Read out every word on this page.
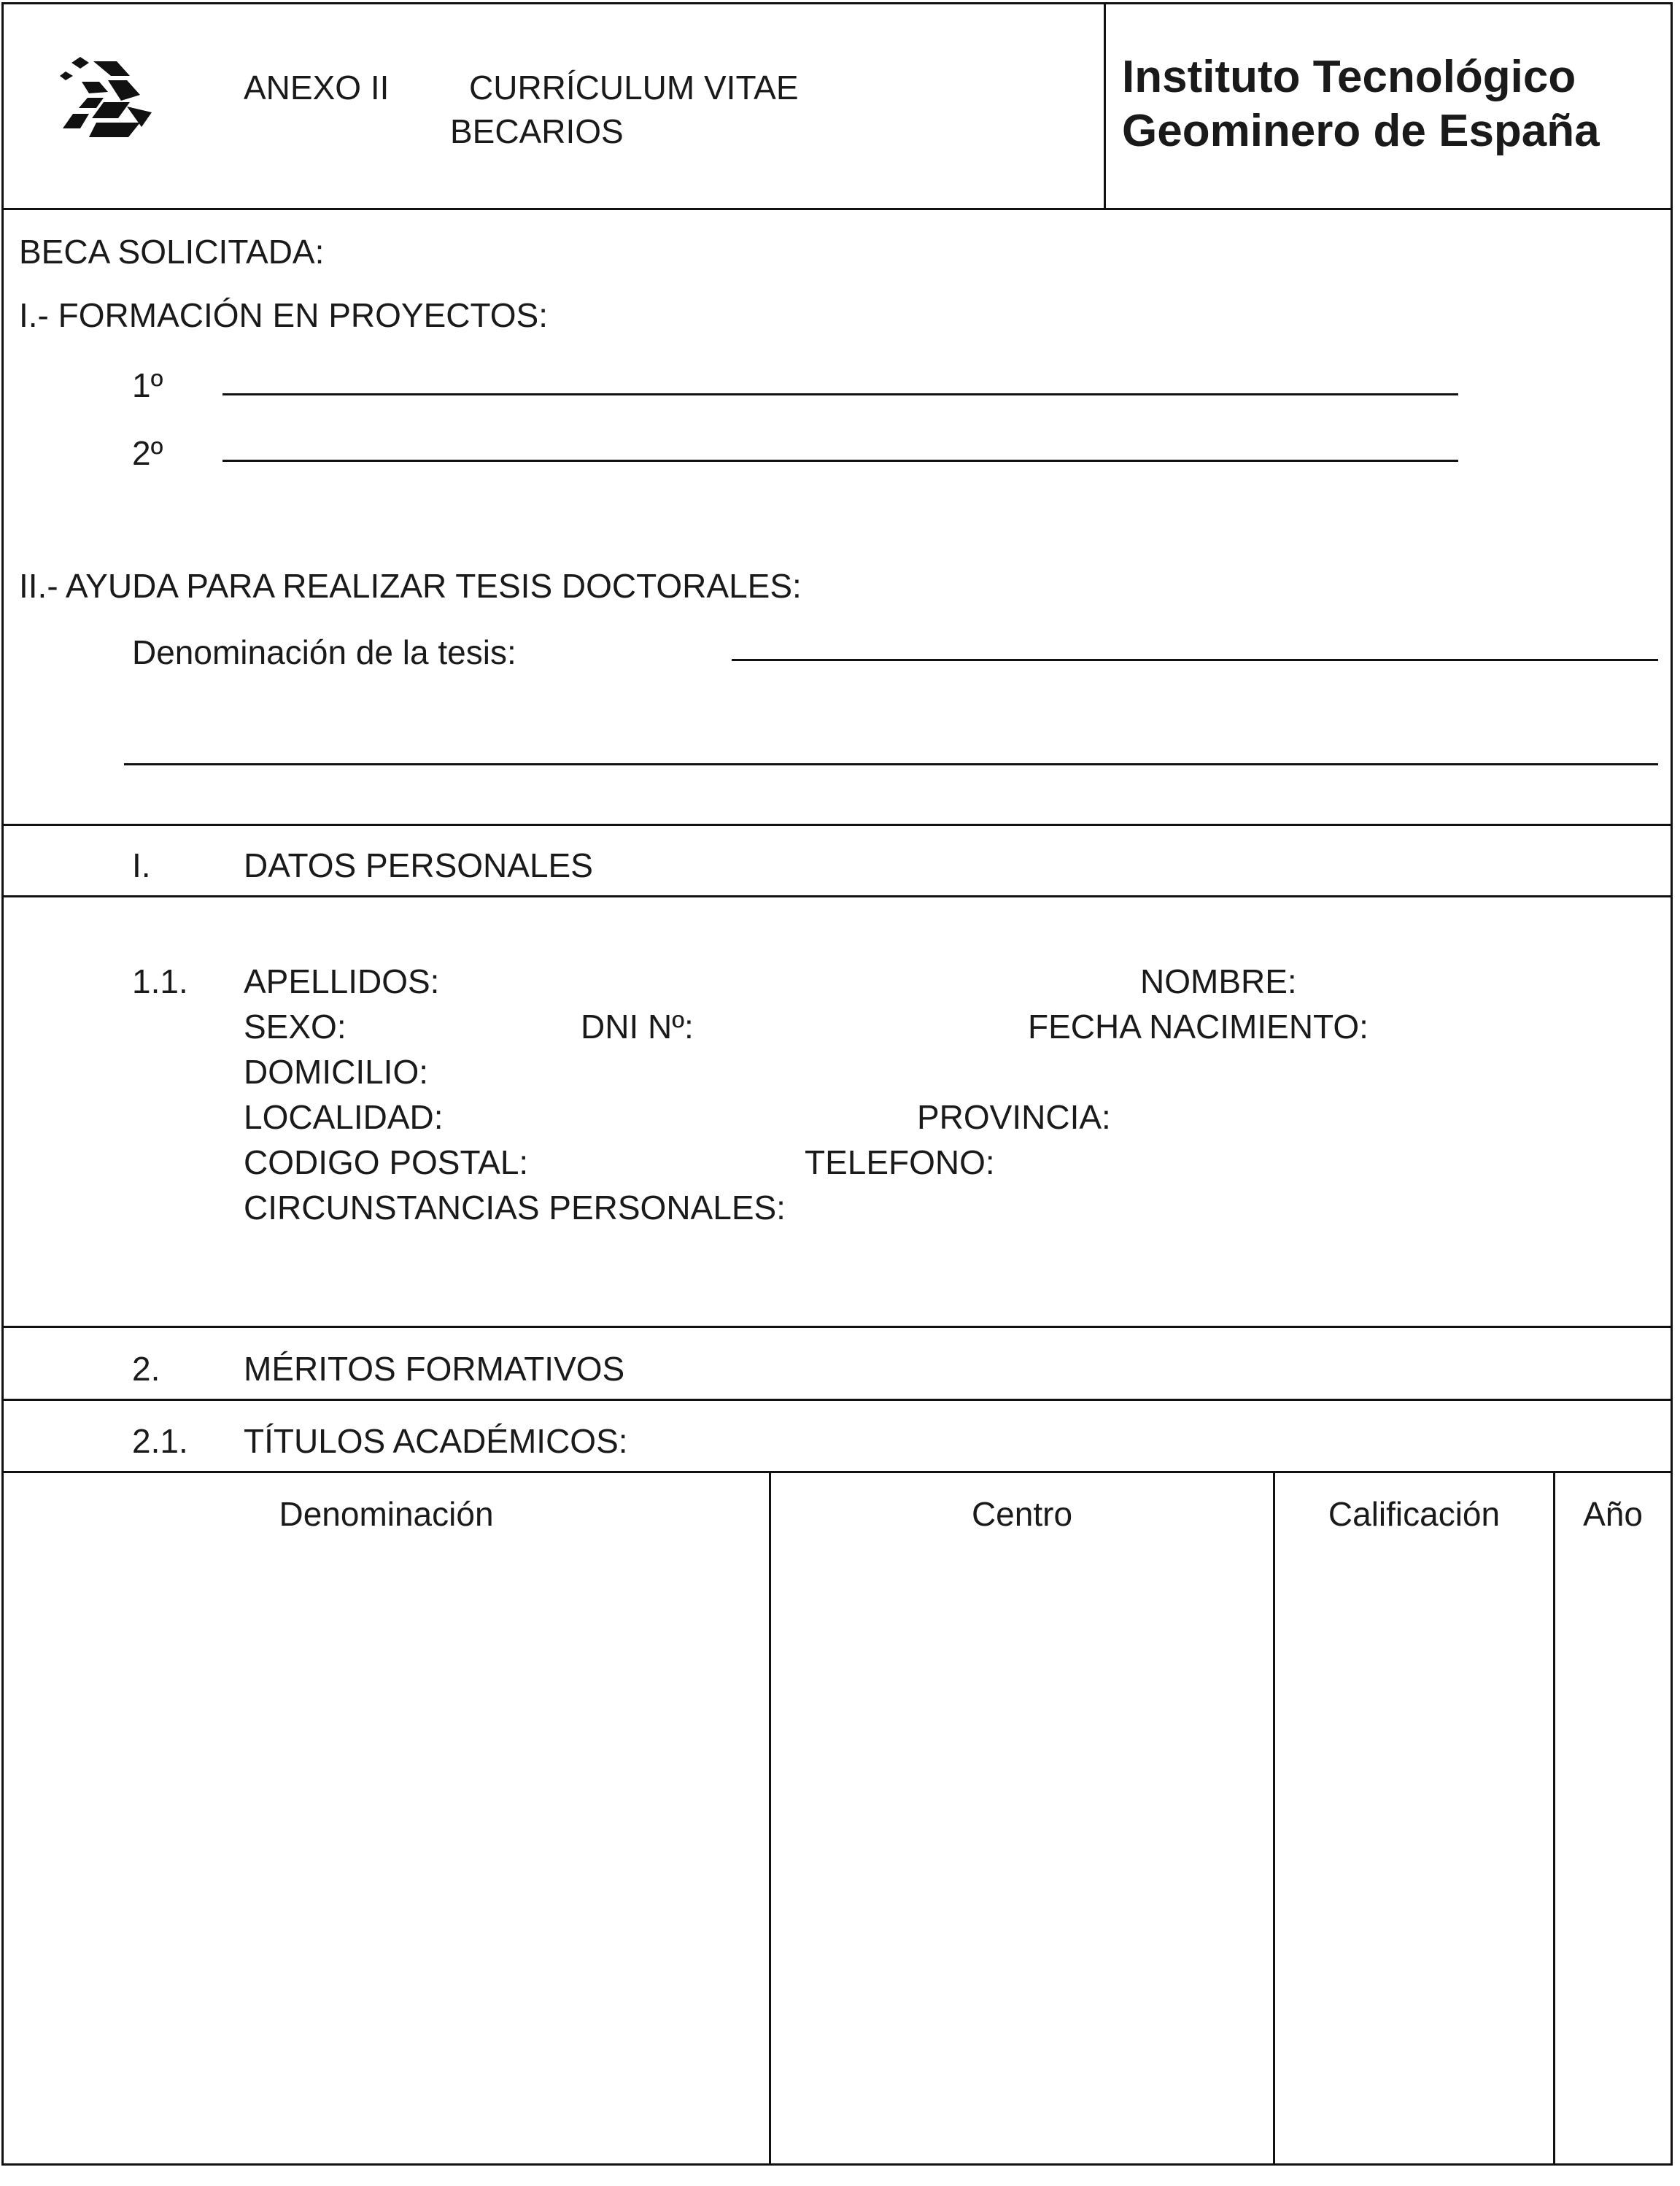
ANEXO II CURRÍCULUM VITAE
BECARIOS
Instituto Tecnológico
Geominero de España
BECA SOLICITADA:
I.- FORMACIÓN EN PROYECTOS:
1º
2º
II.- AYUDA PARA REALIZAR TESIS DOCTORALES:
Denominación de la tesis:
I.	DATOS PERSONALES
1.1. APELLIDOS:	NOMBRE:
SEXO:	DNI Nº:	FECHA NACIMIENTO:
DOMICILIO:
LOCALIDAD:	PROVINCIA:
CODIGO POSTAL:	TELEFONO:
CIRCUNSTANCIAS PERSONALES:
2. MÉRITOS FORMATIVOS
2.1. TÍTULOS ACADÉMICOS:
Denominación	Centro	Calificación	Año
